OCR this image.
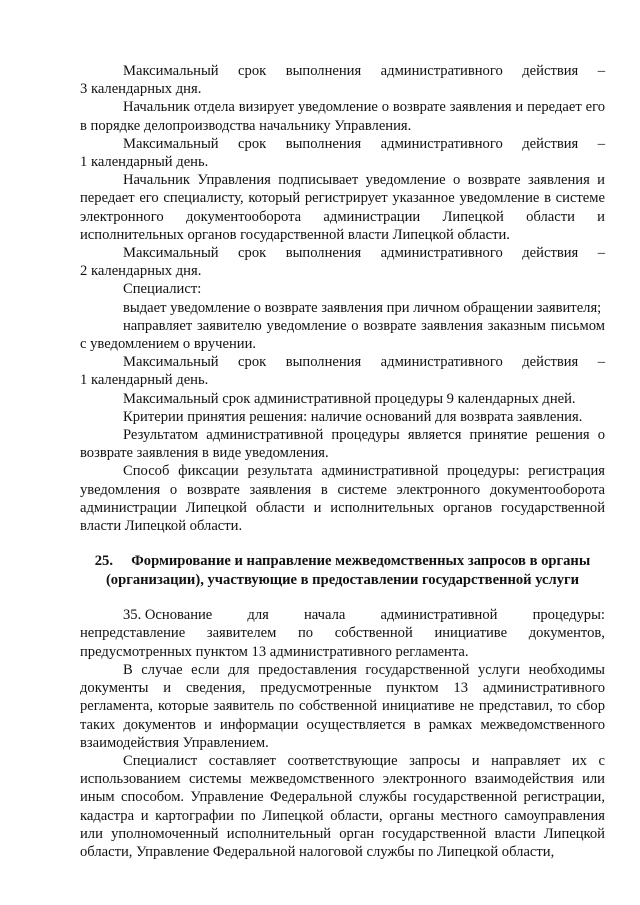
Максимальный срок выполнения административного действия –

3 календарных дня.

Начальник отдела визирует уведомление о возврате заявления и передает его в порядке делопроизводства начальнику Управления.

Максимальный срок выполнения административного действия –

1 календарный день.

Начальник Управления подписывает уведомление о возврате заявления и передает его специалисту, который регистрирует указанное уведомление в системе электронного документооборота администрации Липецкой области и исполнительных органов государственной власти Липецкой области.

Максимальный срок выполнения административного действия –

2 календарных дня.

Специалист:

выдает уведомление о возврате заявления при личном обращении заявителя;

направляет заявителю уведомление о возврате заявления заказным письмом с уведомлением о вручении.

Максимальный срок выполнения административного действия –

1 календарный день.

Максимальный срок административной процедуры 9 календарных дней.

Критерии принятия решения: наличие оснований для возврата заявления.

Результатом административной процедуры является принятие решения о возврате заявления в виде уведомления.

Способ фиксации результата административной процедуры: регистрация уведомления о возврате заявления в системе электронного документооборота администрации Липецкой области и исполнительных органов государственной власти Липецкой области.

25.     Формирование и направление межведомственных запросов в органы
(организации), участвующие в предоставлении государственной услуги
35. Основание для начала административной процедуры:
непредставление заявителем по собственной инициативе документов,

предусмотренных пунктом 13 административного регламента.

В случае если для предоставления государственной услуги необходимы документы и сведения, предусмотренные пунктом 13 административного регламента, которые заявитель по собственной инициативе не представил, то сбор таких документов и информации осуществляется в рамках межведомственного взаимодействия Управлением.

Специалист составляет соответствующие запросы и направляет их с использованием системы межведомственного электронного взаимодействия или иным способом. Управление Федеральной службы государственной регистрации, кадастра и картографии по Липецкой области, органы местного самоуправления или уполномоченный исполнительный орган государственной власти Липецкой области, Управление Федеральной налоговой службы по Липецкой области,
